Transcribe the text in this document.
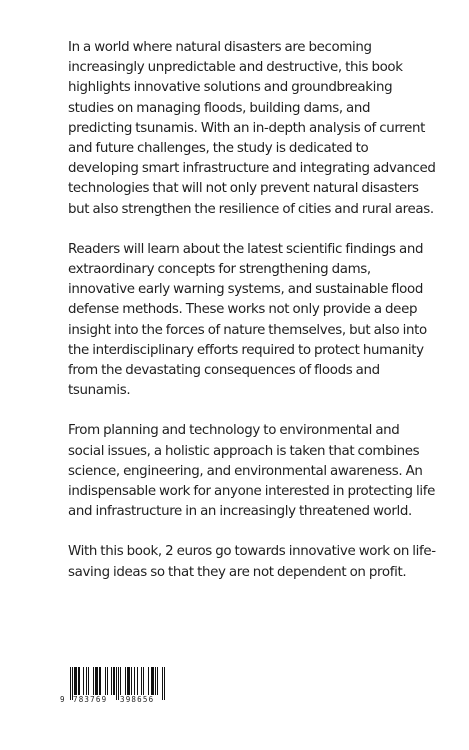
In a world where natural disasters are becoming increasingly unpredictable and destructive, this book highlights innovative solutions and groundbreaking studies on managing floods, building dams, and predicting tsunamis. With an in-depth analysis of current and future challenges, the study is dedicated to developing smart infrastructure and integrating advanced technologies that will not only prevent natural disasters but also strengthen the resilience of cities and rural areas.

Readers will learn about the latest scientific findings and extraordinary concepts for strengthening dams, innovative early warning systems, and sustainable flood defense methods. These works not only provide a deep insight into the forces of nature themselves, but also into the interdisciplinary efforts required to protect humanity from the devastating consequences of floods and tsunamis.

From planning and technology to environmental and social issues, a holistic approach is taken that combines science, engineering, and environmental awareness. An indispensable work for anyone interested in protecting life and infrastructure in an increasingly threatened world.

With this book, 2 euros go towards innovative work on life-saving ideas so that they are not dependent on profit.

9 783769 398656
